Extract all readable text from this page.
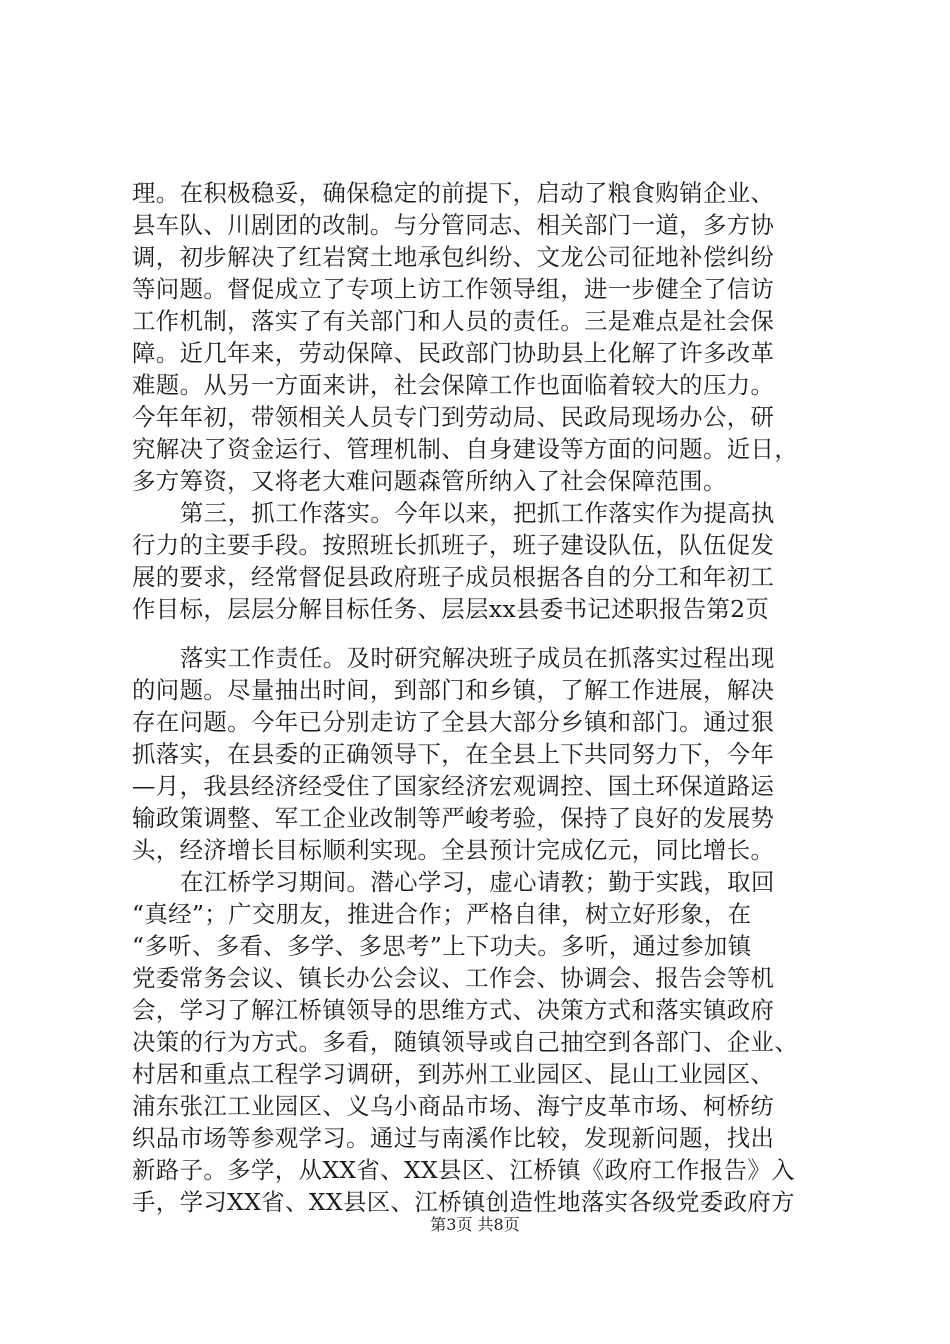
理。在积极稳妥，确保稳定的前提下，启动了粮食购销企业、
县车队、川剧团的改制。与分管同志、相关部门一道，多方协
调，初步解决了红岩窝土地承包纠纷、文龙公司征地补偿纠纷
等问题。督促成立了专项上访工作领导组，进一步健全了信访
工作机制，落实了有关部门和人员的责任。三是难点是社会保
障。近几年来，劳动保障、民政部门协助县上化解了许多改革
难题。从另一方面来讲，社会保障工作也面临着较大的压力。
今年年初，带领相关人员专门到劳动局、民政局现场办公，研
究解决了资金运行、管理机制、自身建设等方面的问题。近日，
多方筹资，又将老大难问题森管所纳入了社会保障范围。
第三，抓工作落实。今年以来，把抓工作落实作为提高执
行力的主要手段。按照班长抓班子，班子建设队伍，队伍促发
展的要求，经常督促县政府班子成员根据各自的分工和年初工
作目标，层层分解目标任务、层层xx县委书记述职报告第2页
落实工作责任。及时研究解决班子成员在抓落实过程出现
的问题。尽量抽出时间，到部门和乡镇，了解工作进展，解决
存在问题。今年已分别走访了全县大部分乡镇和部门。通过狠
抓落实，在县委的正确领导下，在全县上下共同努力下，今年
—月，我县经济经受住了国家经济宏观调控、国土环保道路运
输政策调整、军工企业改制等严峻考验，保持了良好的发展势
头，经济增长目标顺利实现。全县预计完成亿元，同比增长。
在江桥学习期间。潜心学习，虚心请教；勤于实践，取回
“真经”；广交朋友，推进合作；严格自律，树立好形象，在
“多听、多看、多学、多思考”上下功夫。多听，通过参加镇
党委常务会议、镇长办公会议、工作会、协调会、报告会等机
会，学习了解江桥镇领导的思维方式、决策方式和落实镇政府
决策的行为方式。多看，随镇领导或自己抽空到各部门、企业、
村居和重点工程学习调研，到苏州工业园区、昆山工业园区、
浦东张江工业园区、义乌小商品市场、海宁皮革市场、柯桥纺
织品市场等参观学习。通过与南溪作比较，发现新问题，找出
新路子。多学，从XX省、XX县区、江桥镇《政府工作报告》入
手，学习XX省、XX县区、江桥镇创造性地落实各级党委政府方
第3页 共8页
